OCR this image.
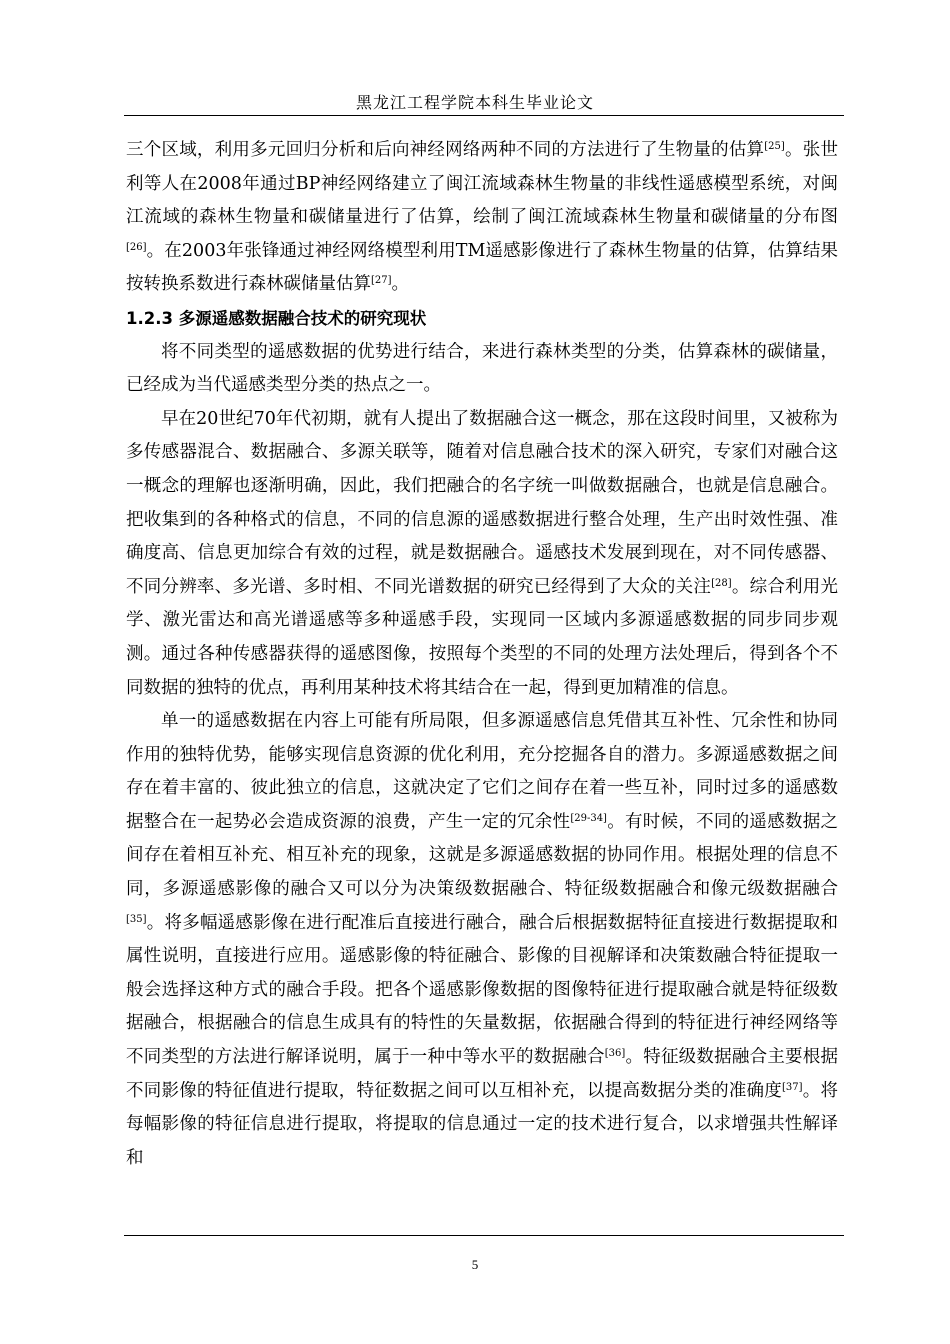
黑龙江工程学院本科生毕业论文

三个区域，利用多元回归分析和后向神经网络两种不同的方法进行了生物量的估算[25]。张世利等人在2008年通过BP神经网络建立了闽江流域森林生物量的非线性遥感模型系统，对闽江流域的森林生物量和碳储量进行了估算，绘制了闽江流域森林生物量和碳储量的分布图[26]。在2003年张锋通过神经网络模型利用TM遥感影像进行了森林生物量的估算，估算结果按转换系数进行森林碳储量估算[27]。

1.2.3 多源遥感数据融合技术的研究现状

将不同类型的遥感数据的优势进行结合，来进行森林类型的分类，估算森林的碳储量，已经成为当代遥感类型分类的热点之一。

早在20世纪70年代初期，就有人提出了数据融合这一概念，那在这段时间里，又被称为多传感器混合、数据融合、多源关联等，随着对信息融合技术的深入研究，专家们对融合这一概念的理解也逐渐明确，因此，我们把融合的名字统一叫做数据融合，也就是信息融合。把收集到的各种格式的信息，不同的信息源的遥感数据进行整合处理，生产出时效性强、准确度高、信息更加综合有效的过程，就是数据融合。遥感技术发展到现在，对不同传感器、不同分辨率、多光谱、多时相、不同光谱数据的研究已经得到了大众的关注[28]。综合利用光学、激光雷达和高光谱遥感等多种遥感手段，实现同一区域内多源遥感数据的同步同步观测。通过各种传感器获得的遥感图像，按照每个类型的不同的处理方法处理后，得到各个不同数据的独特的优点，再利用某种技术将其结合在一起，得到更加精准的信息。

单一的遥感数据在内容上可能有所局限，但多源遥感信息凭借其互补性、冗余性和协同作用的独特优势，能够实现信息资源的优化利用，充分挖掘各自的潜力。多源遥感数据之间存在着丰富的、彼此独立的信息，这就决定了它们之间存在着一些互补，同时过多的遥感数据整合在一起势必会造成资源的浪费，产生一定的冗余性[29-34]。有时候，不同的遥感数据之间存在着相互补充、相互补充的现象，这就是多源遥感数据的协同作用。根据处理的信息不同，多源遥感影像的融合又可以分为决策级数据融合、特征级数据融合和像元级数据融合[35]。将多幅遥感影像在进行配准后直接进行融合，融合后根据数据特征直接进行数据提取和属性说明，直接进行应用。遥感影像的特征融合、影像的目视解译和决策数融合特征提取一般会选择这种方式的融合手段。把各个遥感影像数据的图像特征进行提取融合就是特征级数据融合，根据融合的信息生成具有的特性的矢量数据，依据融合得到的特征进行神经网络等不同类型的方法进行解译说明，属于一种中等水平的数据融合[36]。特征级数据融合主要根据不同影像的特征值进行提取，特征数据之间可以互相补充，以提高数据分类的准确度[37]。将每幅影像的特征信息进行提取，将提取的信息通过一定的技术进行复合，以求增强共性解译和

5
